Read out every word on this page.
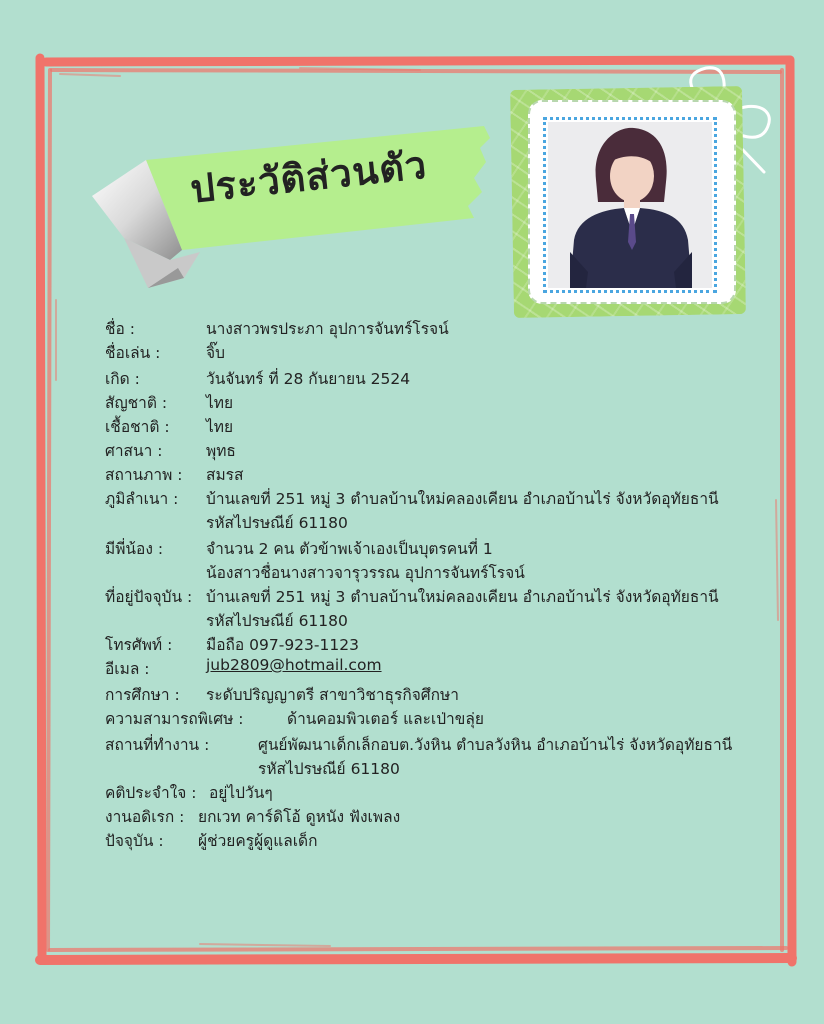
ประวัติส่วนตัว
ชื่อ :	นางสาวพรประภา อุปการจันทร์โรจน์
ชื่อเล่น :	จิ๊บ
เกิด :	วันจันทร์ ที่ 28 กันยายน 2524
สัญชาติ :	ไทย
เชื้อชาติ : ไทย
ศาสนา :	พุทธ
สถานภาพ : สมรส
ภูมิลำเนา : บ้านเลขที่ 251 หมู่ 3 ตำบลบ้านใหม่คลองเคียน อำเภอบ้านไร่ จังหวัดอุทัยธานี
รหัสไปรษณีย์ 61180
มีพี่น้อง :	จำนวน 2 คน ตัวข้าพเจ้าเองเป็นบุตรคนที่ 1
น้องสาวชื่อนางสาวจารุวรรณ อุปการจันทร์โรจน์
ที่อยู่ปัจจุบัน : บ้านเลขที่ 251 หมู่ 3 ตำบลบ้านใหม่คลองเคียน อำเภอบ้านไร่ จังหวัดอุทัยธานี
รหัสไปรษณีย์ 61180
โทรศัพท์ : มือถือ 097-923-1123
อีเมล :	jub2809@hotmail.com
การศึกษา : ระดับปริญญาตรี สาขาวิชาธุรกิจศึกษา
ความสามารถพิเศษ :	ด้านคอมพิวเตอร์ และเป่าขลุ่ย
สถานที่ทำงาน :	ศูนย์พัฒนาเด็กเล็กอบต.วังหิน ตำบลวังหิน อำเภอบ้านไร่ จังหวัดอุทัยธานี
รหัสไปรษณีย์ 61180
คติประจำใจ : อยู่ไปวันๆ
งานอดิเรก : ยกเวท คาร์ดิโอ้ ดูหนัง ฟังเพลง
ปัจจุบัน : ผู้ช่วยครูผู้ดูแลเด็ก
